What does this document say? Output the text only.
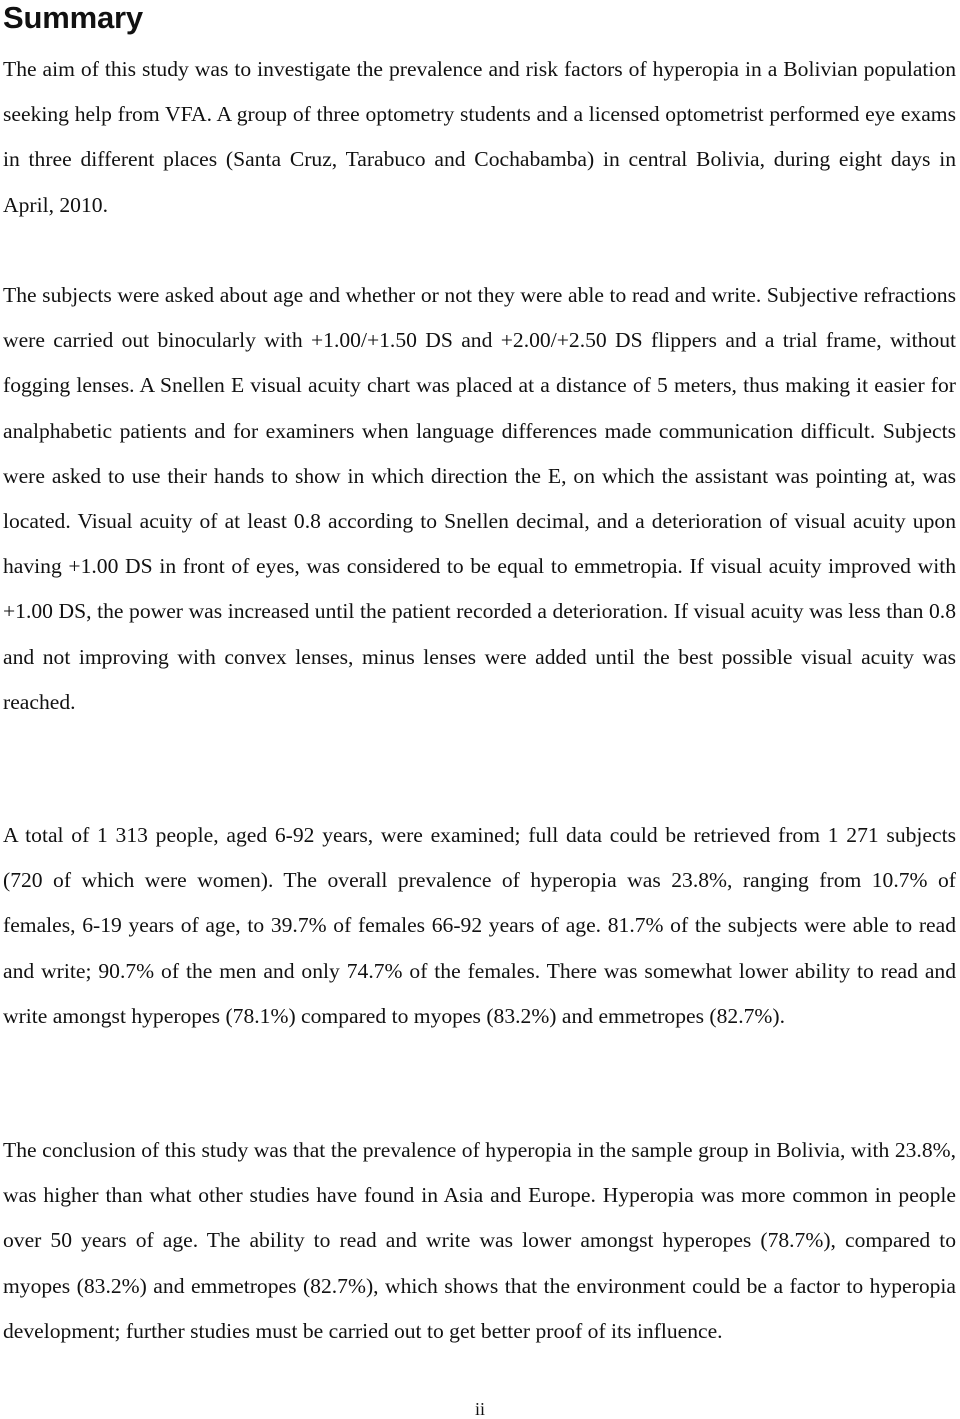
Summary

The aim of this study was to investigate the prevalence and risk factors of hyperopia in a Bolivian population seeking help from VFA. A group of three optometry students and a licensed optometrist performed eye exams in three different places (Santa Cruz, Tarabuco and Cochabamba) in central Bolivia, during eight days in April, 2010.

The subjects were asked about age and whether or not they were able to read and write. Subjective refractions were carried out binocularly with +1.00/+1.50 DS and +2.00/+2.50 DS flippers and a trial frame, without fogging lenses. A Snellen E visual acuity chart was placed at a distance of 5 meters, thus making it easier for analphabetic patients and for examiners when language differences made communication difficult. Subjects were asked to use their hands to show in which direction the E, on which the assistant was pointing at, was located. Visual acuity of at least 0.8 according to Snellen decimal, and a deterioration of visual acuity upon having +1.00 DS in front of eyes, was considered to be equal to emmetropia. If visual acuity improved with +1.00 DS, the power was increased until the patient recorded a deterioration. If visual acuity was less than 0.8 and not improving with convex lenses, minus lenses were added until the best possible visual acuity was reached.

A total of 1 313 people, aged 6-92 years, were examined; full data could be retrieved from 1 271 subjects (720 of which were women). The overall prevalence of hyperopia was 23.8%, ranging from 10.7% of females, 6-19 years of age, to 39.7% of females 66-92 years of age. 81.7% of the subjects were able to read and write; 90.7% of the men and only 74.7% of the females. There was somewhat lower ability to read and write amongst hyperopes (78.1%) compared to myopes (83.2%) and emmetropes (82.7%).

The conclusion of this study was that the prevalence of hyperopia in the sample group in Bolivia, with 23.8%, was higher than what other studies have found in Asia and Europe. Hyperopia was more common in people over 50 years of age. The ability to read and write was lower amongst hyperopes (78.7%), compared to myopes (83.2%) and emmetropes (82.7%), which shows that the environment could be a factor to hyperopia development; further studies must be carried out to get better proof of its influence.

ii
